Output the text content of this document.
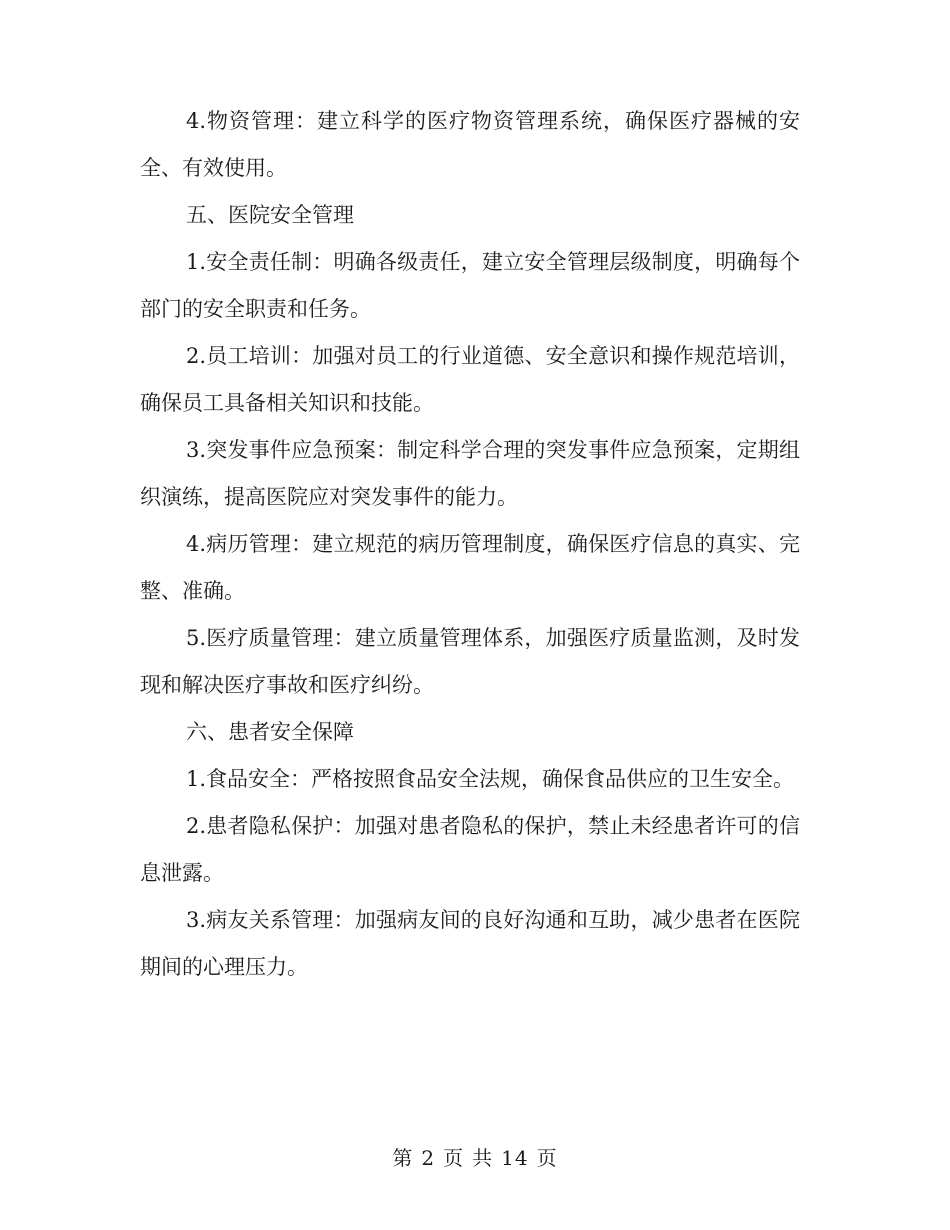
4.物资管理：建立科学的医疗物资管理系统，确保医疗器械的安全、有效使用。

五、医院安全管理

1.安全责任制：明确各级责任，建立安全管理层级制度，明确每个部门的安全职责和任务。

2.员工培训：加强对员工的行业道德、安全意识和操作规范培训，确保员工具备相关知识和技能。

3.突发事件应急预案：制定科学合理的突发事件应急预案，定期组织演练，提高医院应对突发事件的能力。

4.病历管理：建立规范的病历管理制度，确保医疗信息的真实、完整、准确。

5.医疗质量管理：建立质量管理体系，加强医疗质量监测，及时发现和解决医疗事故和医疗纠纷。

六、患者安全保障

1.食品安全：严格按照食品安全法规，确保食品供应的卫生安全。

2.患者隐私保护：加强对患者隐私的保护，禁止未经患者许可的信息泄露。

3.病友关系管理：加强病友间的良好沟通和互助，减少患者在医院期间的心理压力。

第 2 页 共 14 页
